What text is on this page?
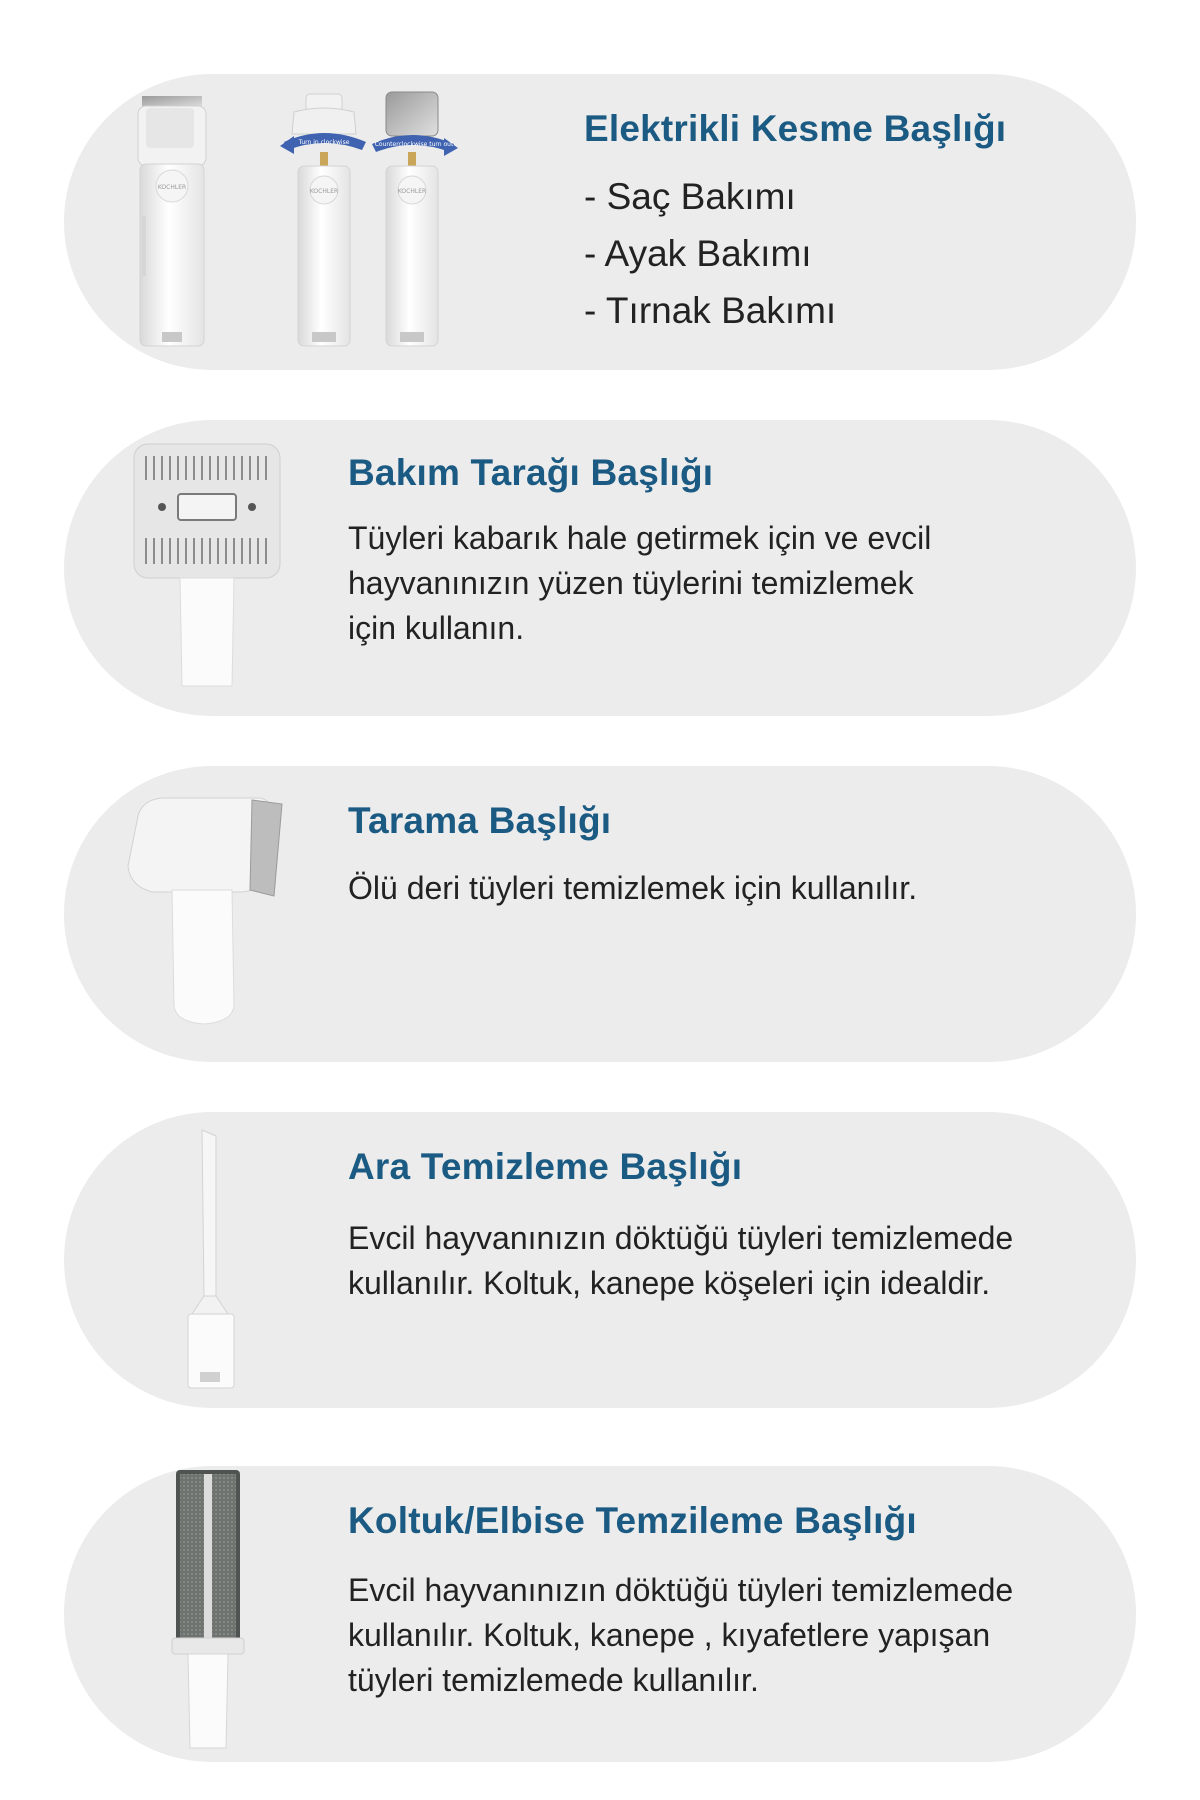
KOCHLER
Turn in clockwise
KOCHLER
Counterclockwise turn out
KOCHLER
Elektrikli Kesme Başlığı
- Saç Bakımı
- Ayak Bakımı
- Tırnak Bakımı
Bakım Tarağı Başlığı
Tüyleri kabarık hale getirmek için ve evcil
hayvanınızın yüzen tüylerini temizlemek
için kullanın.
Tarama Başlığı
Ölü deri tüyleri temizlemek için kullanılır.
Ara Temizleme Başlığı
Evcil hayvanınızın döktüğü tüyleri temizlemede
kullanılır. Koltuk, kanepe köşeleri için idealdir.
Koltuk/Elbise Temzileme Başlığı
Evcil hayvanınızın döktüğü tüyleri temizlemede
kullanılır. Koltuk, kanepe , kıyafetlere yapışan
tüyleri temizlemede kullanılır.
